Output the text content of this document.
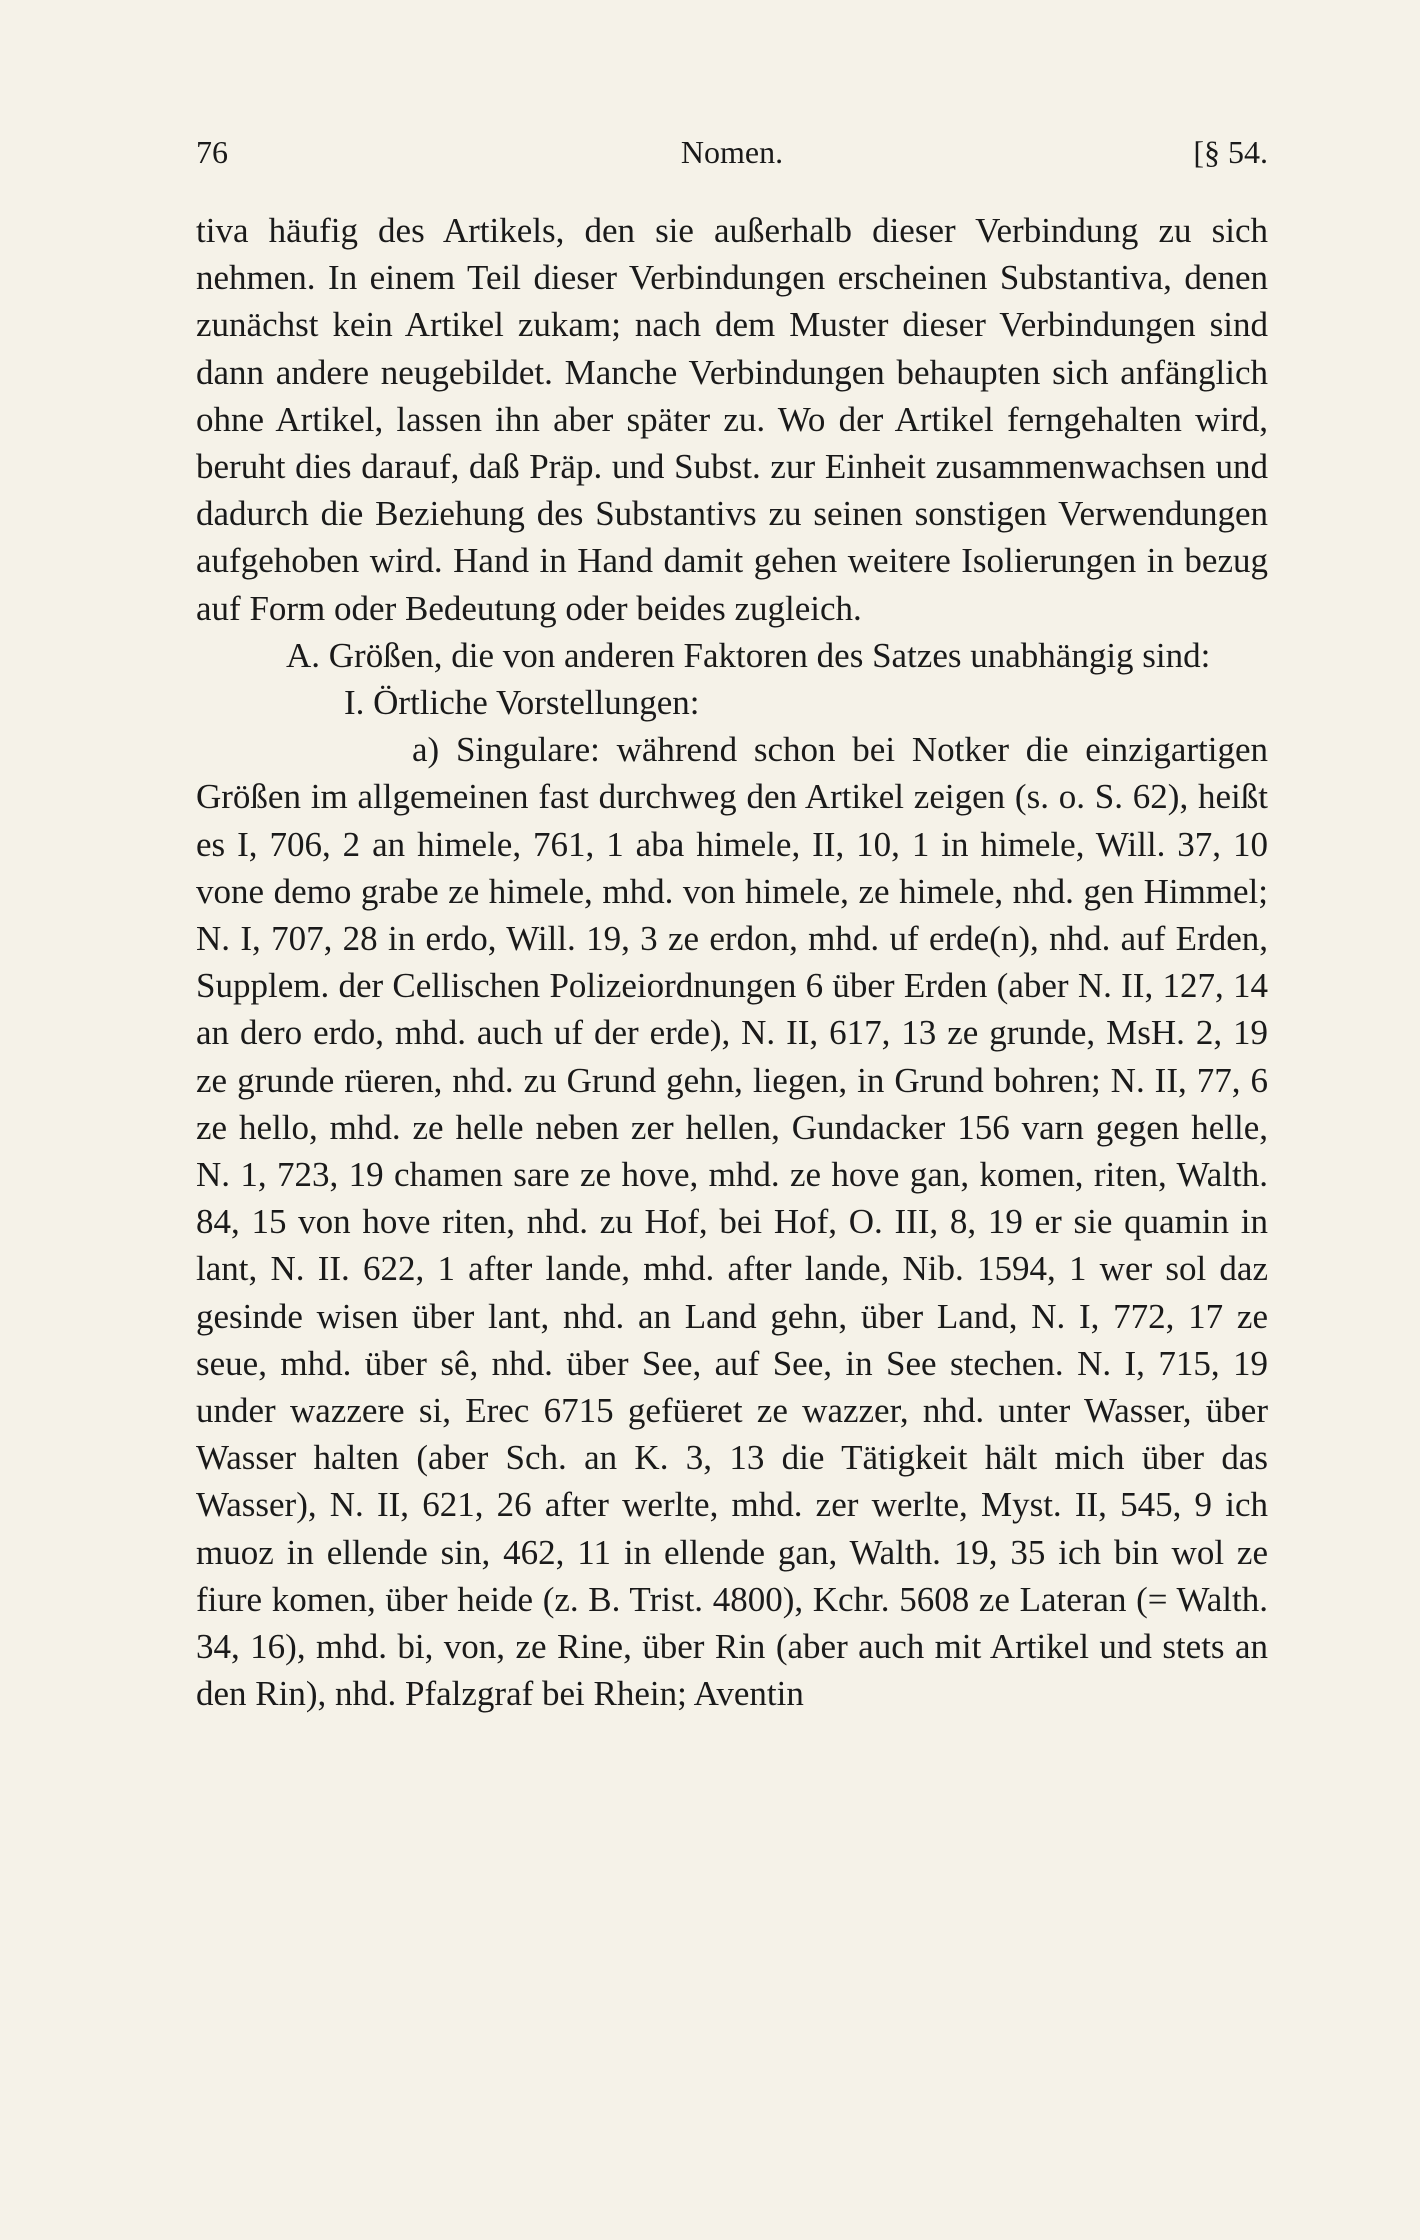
76	Nomen.	[§ 54.

tiva häufig des Artikels, den sie außerhalb dieser Verbindung zu sich nehmen. In einem Teil dieser Verbindungen erscheinen Substantiva, denen zunächst kein Artikel zukam; nach dem Muster dieser Verbindungen sind dann andere neugebildet. Manche Verbindungen behaupten sich anfänglich ohne Artikel, lassen ihn aber später zu. Wo der Artikel ferngehalten wird, beruht dies darauf, daß Präp. und Subst. zur Einheit zusammenwachsen und dadurch die Beziehung des Substantivs zu seinen sonstigen Verwendungen aufgehoben wird. Hand in Hand damit gehen weitere Isolierungen in bezug auf Form oder Bedeutung oder beides zugleich.

A. Größen, die von anderen Faktoren des Satzes unabhängig sind:

I. Örtliche Vorstellungen:

a) Singulare: während schon bei Notker die einzigartigen Größen im allgemeinen fast durchweg den Artikel zeigen (s. o. S. 62), heißt es I, 706, 2 an himele, 761, 1 aba himele, II, 10, 1 in himele, Will. 37, 10 vone demo grabe ze himele, mhd. von himele, ze himele, nhd. gen Himmel; N. I, 707, 28 in erdo, Will. 19, 3 ze erdon, mhd. uf erde(n), nhd. auf Erden, Supplem. der Cellischen Polizeiordnungen 6 über Erden (aber N. II, 127, 14 an dero erdo, mhd. auch uf der erde), N. II, 617, 13 ze grunde, MsH. 2, 19 ze grunde rüeren, nhd. zu Grund gehn, liegen, in Grund bohren; N. II, 77, 6 ze hello, mhd. ze helle neben zer hellen, Gundacker 156 varn gegen helle, N. 1, 723, 19 chamen sare ze hove, mhd. ze hove gan, komen, riten, Walth. 84, 15 von hove riten, nhd. zu Hof, bei Hof, O. III, 8, 19 er sie quamin in lant, N. II. 622, 1 after lande, mhd. after lande, Nib. 1594, 1 wer sol daz gesinde wisen über lant, nhd. an Land gehn, über Land, N. I, 772, 17 ze seue, mhd. über sê, nhd. über See, auf See, in See stechen. N. I, 715, 19 under wazzere si, Erec 6715 gefüeret ze wazzer, nhd. unter Wasser, über Wasser halten (aber Sch. an K. 3, 13 die Tätigkeit hält mich über das Wasser), N. II, 621, 26 after werlte, mhd. zer werlte, Myst. II, 545, 9 ich muoz in ellende sin, 462, 11 in ellende gan, Walth. 19, 35 ich bin wol ze fiure komen, über heide (z. B. Trist. 4800), Kchr. 5608 ze Lateran (= Walth. 34, 16), mhd. bi, von, ze Rine, über Rin (aber auch mit Artikel und stets an den Rin), nhd. Pfalzgraf bei Rhein; Aventin
